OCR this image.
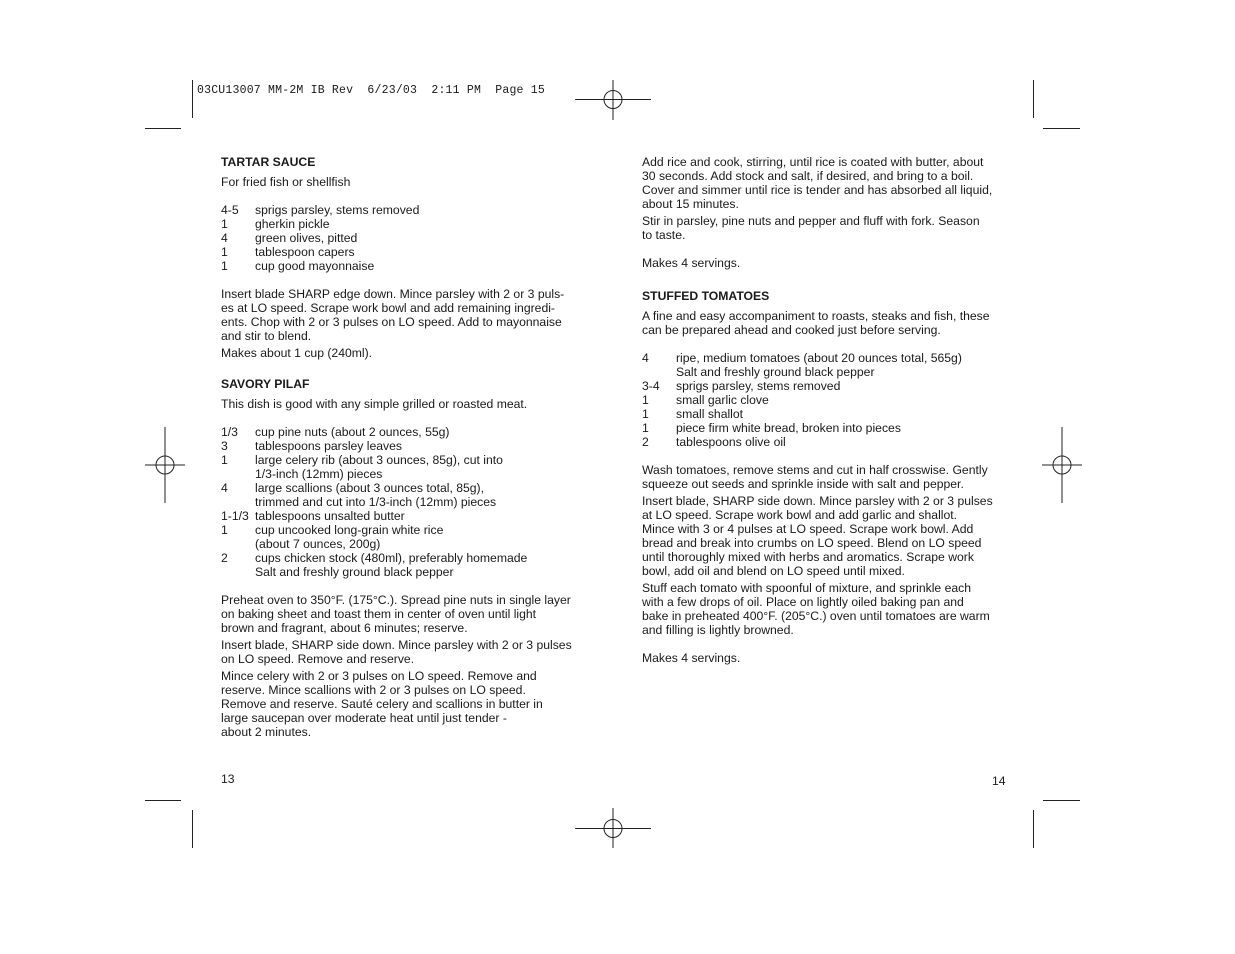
03CU13007 MM-2M IB Rev  6/23/03  2:11 PM  Page 15

TARTAR SAUCE

For fried fish or shellfish

4-5	sprigs parsley, stems removed
1	gherkin pickle
4	green olives, pitted
1	tablespoon capers
1	cup good mayonnaise
Insert blade SHARP edge down. Mince parsley with 2 or 3 puls-
es at LO speed. Scrape work bowl and add remaining ingredi-
ents. Chop with 2 or 3 pulses on LO speed. Add to mayonnaise
and stir to blend.

Makes about 1 cup (240ml).

SAVORY PILAF

This dish is good with any simple grilled or roasted meat.

1/3	cup pine nuts (about 2 ounces, 55g)
3	tablespoons parsley leaves
1	large celery rib (about 3 ounces, 85g), cut into
1/3-inch (12mm) pieces
4	large scallions (about 3 ounces total, 85g),
trimmed and cut into 1/3-inch (12mm) pieces
1-1/3 tablespoons unsalted butter
1	cup uncooked long-grain white rice
(about 7 ounces, 200g)
2	cups chicken stock (480ml), preferably homemade
Salt and freshly ground black pepper
Preheat oven to 350°F. (175°C.). Spread pine nuts in single layer
on baking sheet and toast them in center of oven until light
brown and fragrant, about 6 minutes; reserve.
Insert blade, SHARP side down. Mince parsley with 2 or 3 pulses
on LO speed. Remove and reserve.
Mince celery with 2 or 3 pulses on LO speed. Remove and
reserve. Mince scallions with 2 or 3 pulses on LO speed.
Remove and reserve. Sauté celery and scallions in butter in
large saucepan over moderate heat until just tender -
about 2 minutes.
13
Add rice and cook, stirring, until rice is coated with butter, about
30 seconds. Add stock and salt, if desired, and bring to a boil.
Cover and simmer until rice is tender and has absorbed all liquid,
about 15 minutes.
Stir in parsley, pine nuts and pepper and fluff with fork. Season
to taste.

Makes 4 servings.

STUFFED TOMATOES

A fine and easy accompaniment to roasts, steaks and fish, these
can be prepared ahead and cooked just before serving.
4	ripe, medium tomatoes (about 20 ounces total, 565g)
Salt and freshly ground black pepper
3-4	sprigs parsley, stems removed
1	small garlic clove
1	small shallot
1	piece firm white bread, broken into pieces
2	tablespoons olive oil
Wash tomatoes, remove stems and cut in half crosswise. Gently
squeeze out seeds and sprinkle inside with salt and pepper.
Insert blade, SHARP side down. Mince parsley with 2 or 3 pulses
at LO speed. Scrape work bowl and add garlic and shallot.
Mince with 3 or 4 pulses at LO speed. Scrape work bowl. Add
bread and break into crumbs on LO speed. Blend on LO speed
until thoroughly mixed with herbs and aromatics. Scrape work
bowl, add oil and blend on LO speed until mixed.
Stuff each tomato with spoonful of mixture, and sprinkle each
with a few drops of oil. Place on lightly oiled baking pan and
bake in preheated 400°F. (205°C.) oven until tomatoes are warm
and filling is lightly browned.

Makes 4 servings.

14
